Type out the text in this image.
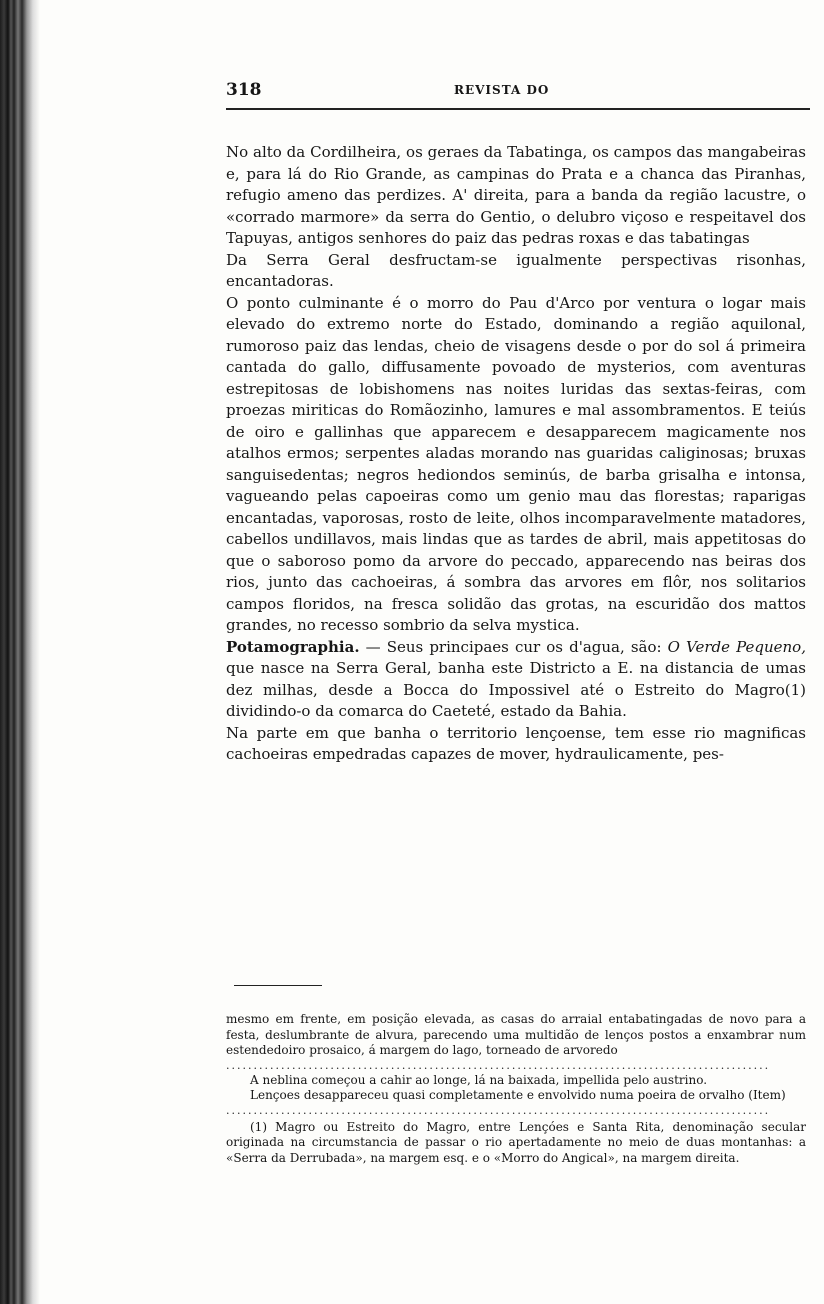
318	REVISTA DO

No alto da Cordilheira, os geraes da Tabatinga, os campos das mangabeiras e, para lá do Rio Grande, as campinas do Prata e a chanca das Piranhas, refugio ameno das perdizes. A' direita, para a banda da região lacustre, o «corrado marmore» da serra do Gentio, o delubro viçoso e respeitavel dos Tapuyas, antigos senhores do paiz das pedras roxas e das tabatingas

Da Serra Geral desfructam-se igualmente perspectivas risonhas, encantadoras.

O ponto culminante é o morro do Pau d'Arco por ventura o logar mais elevado do extremo norte do Estado, dominando a região aquilonal, rumoroso paiz das lendas, cheio de visagens desde o por do sol á primeira cantada do gallo, diffusamente povoado de mysterios, com aventuras estrepitosas de lobishomens nas noites luridas das sextas-feiras, com proezas miriticas do Romãozinho, lamures e mal assombramentos. E teiús de oiro e gallinhas que apparecem e desapparecem magicamente nos atalhos ermos; serpentes aladas morando nas guaridas caliginosas; bruxas sanguisedentas; negros hediondos seminús, de barba grisalha e intonsa, vagueando pelas capoeiras como um genio mau das florestas; raparigas encantadas, vaporosas, rosto de leite, olhos incomparavelmente matadores, cabellos undillavos, mais lindas que as tardes de abril, mais appetitosas do que o saboroso pomo da arvore do peccado, apparecendo nas beiras dos rios, junto das cachoeiras, á sombra das arvores em flôr, nos solitarios campos floridos, na fresca solidão das grotas, na escuridão dos mattos grandes, no recesso sombrio da selva mystica.

Potamographia. — Seus principaes cur os d'agua, são: O Verde Pequeno, que nasce na Serra Geral, banha este Districto a E. na distancia de umas dez milhas, desde a Bocca do Impossivel até o Estreito do Magro(1) dividindo-o da comarca do Caeteté, estado da Bahia.

Na parte em que banha o territorio lençoense, tem esse rio magnificas cachoeiras empedradas capazes de mover, hydraulicamente, pes-

mesmo em frente, em posição elevada, as casas do arraial entabatingadas de novo para a festa, deslumbrante de alvura, parecendo uma multidão de lenços postos a enxambrar num estendedoiro prosaico, á margem do lago, torneado de arvoredo

...................................................................................................

A neblina começou a cahir ao longe, lá na baixada, impellida pelo austrino.

Lençoes desappareceu quasi completamente e envolvido numa poeira de orvalho (Item)

...................................................................................................

(1) Magro ou Estreito do Magro, entre Lençóes e Santa Rita, denominação secular originada na circumstancia de passar o rio apertadamente no meio de duas montanhas: a «Serra da Derrubada», na margem esq. e o «Morro do Angical», na margem direita.
